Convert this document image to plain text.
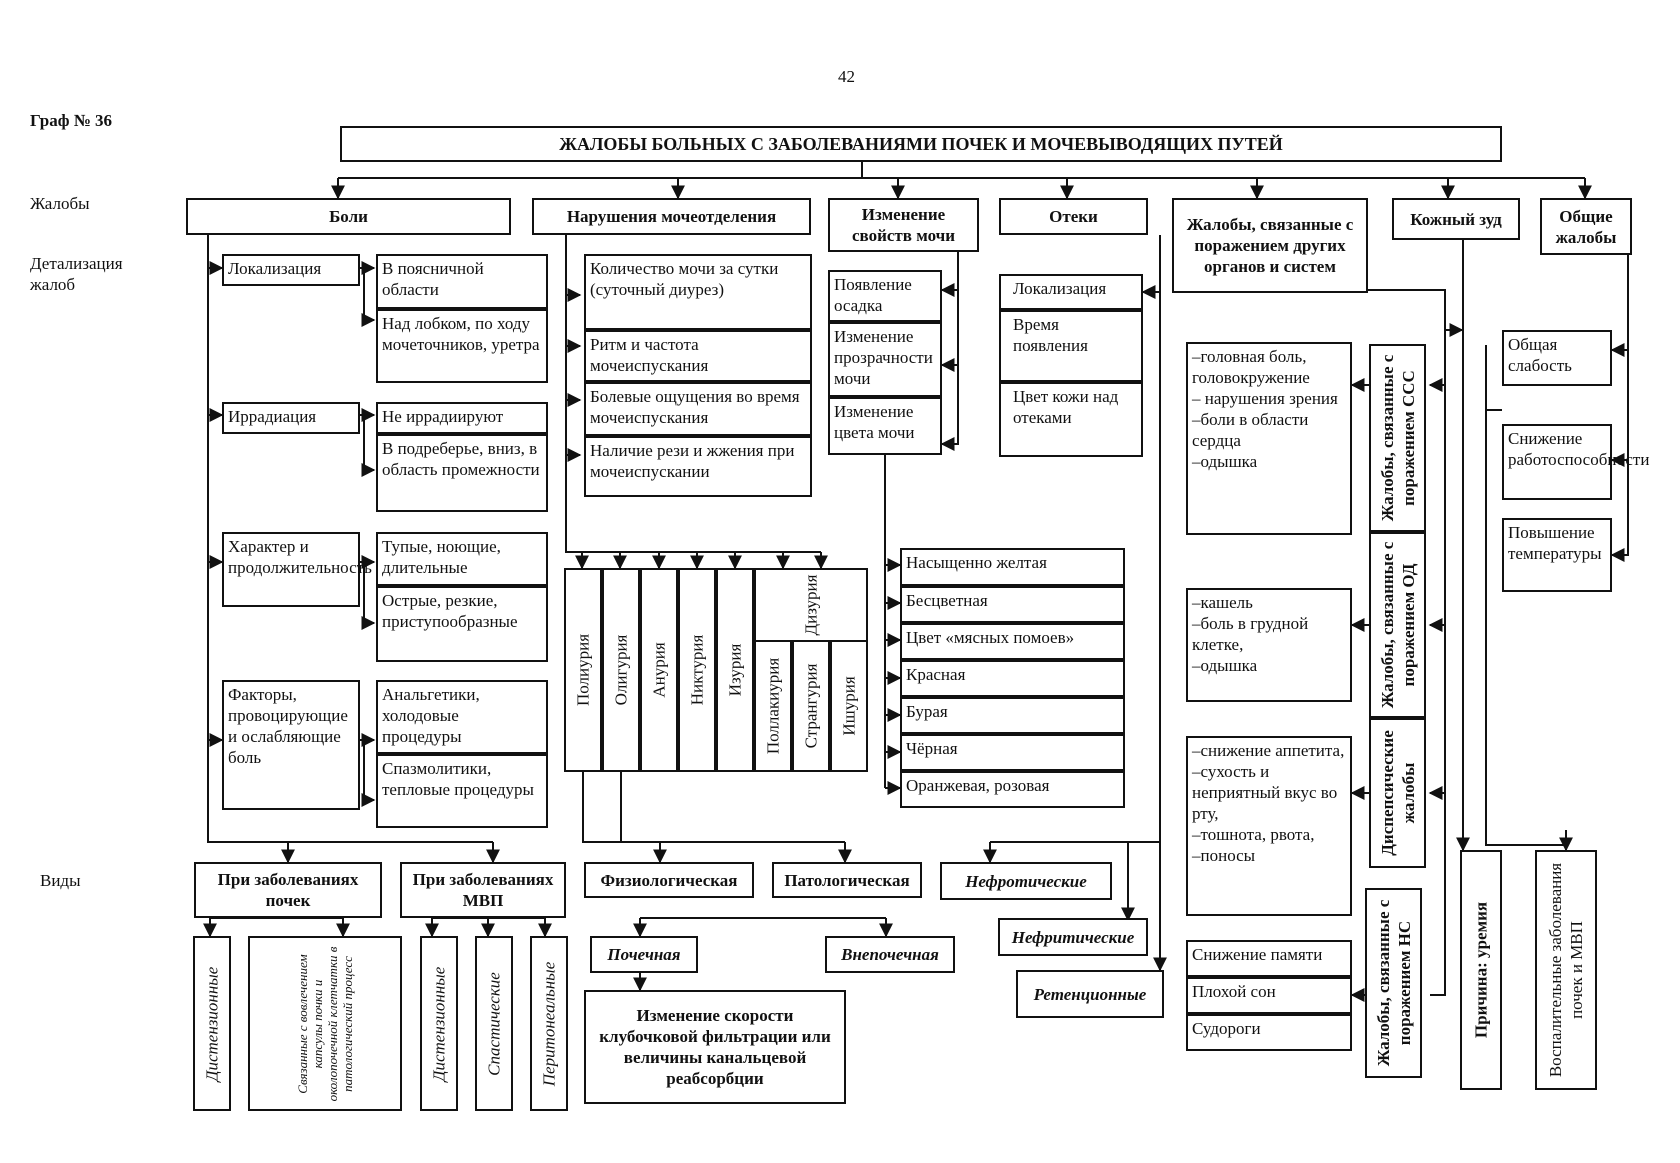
42
Граф № 36
Жалобы
Детализация жалоб
Виды
ЖАЛОБЫ БОЛЬНЫХ С ЗАБОЛЕВАНИЯМИ ПОЧЕК И МОЧЕВЫВОДЯЩИХ ПУТЕЙ
Боли	Нарушения мочеотделения	Изменение свойств мочи
Отеки	Жалобы, связанные с поражением других органов и систем
Кожный зуд	Общие жалобы
Локализация	В поясничной области
Над лобком, по ходу мочеточников, уретра
Иррадиация	Не иррадиируют
В подреберье, вниз, в область промежности
Характер и продолжительность
Тупые, ноющие, длительные
Острые, резкие, приступообразные
Факторы, провоцирующие и ослабляющие боль
Анальгетики, холодовые процедуры
Спазмолитики, тепловые процедуры
При заболеваниях почек
При заболеваниях МВП
Дистензионные	Связанные с вовлечением капсулы почки и околопочечной клетчатки в патологический процесс	Дистензионные Спастические Перитонеальные
Количество мочи за сутки (суточный диурез)
Ритм и частота мочеиспускания
Болевые ощущения во время мочеиспускания
Наличие рези и жжения при мочеиспускании
Полиурия Олигурия Анурия Никтурия Изурия
Дизурия
Поллакиурия Странгурия Ишурия
Физиологическая	Патологическая
Почечная	Внепочечная
Изменение скорости клубочковой фильтрации или величины канальцевой реабсорбции
Появление осадка
Изменение прозрачности мочи
Изменение цвета мочи
Насыщенно желтая
Бесцветная
Цвет «мясных помоев»
Красная
Бурая
Чёрная
Оранжевая, розовая
Локализация
Время появления
Цвет кожи над отеками
Нефротические
Нефритические
Ретенционные
Жалобы, связанные с поражением ССС
Жалобы, связанные с поражением ОД
Диспепсические жалобы
Жалобы, связанные с поражением НС
–головная боль, головокружение
– нарушения зрения
–боли в области сердца
–одышка
–кашель
–боль в грудной клетке,
–одышка
–снижение аппетита,
–сухость и неприятный вкус во рту,
–тошнота, рвота,
–поносы
Снижение памяти
Плохой сон
Судороги	Причина: уремия
Общая слабость
Снижение работоспособности
Повышение температуры
Воспалительные заболевания почек и МВП
